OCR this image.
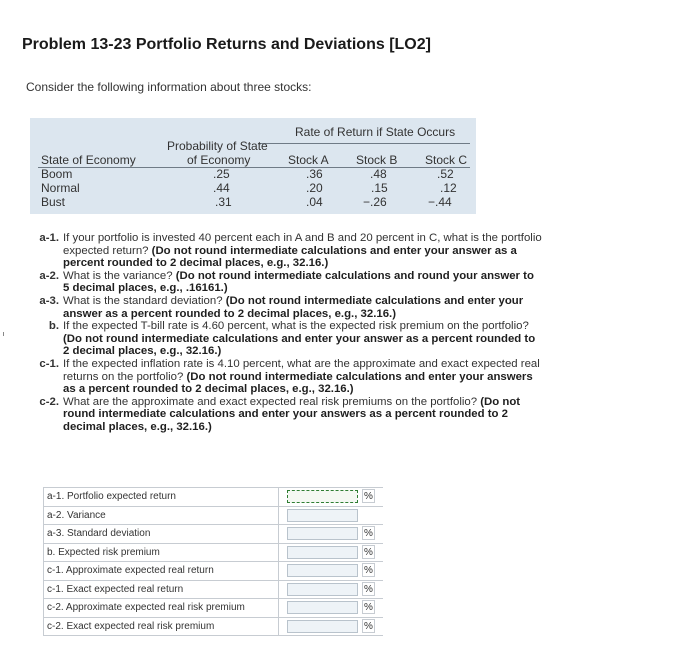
Problem 13-23 Portfolio Returns and Deviations [LO2]
Consider the following information about three stocks:
Rate of Return if State Occurs
Probability of State
of Economy
State of Economy	Stock A Stock B Stock C
Boom	.25	.36	.48	.52
Normal	.44	.20	.15	.12
Bust	.31	.04	−.26	−.44
a-1. If your portfolio is invested 40 percent each in A and B and 20 percent in C, what is the portfolio expected return? (Do not round intermediate calculations and enter your answer as a percent rounded to 2 decimal places, e.g., 32.16.)
a-2. What is the variance? (Do not round intermediate calculations and round your answer to 5 decimal places, e.g., .16161.)
a-3. What is the standard deviation? (Do not round intermediate calculations and enter your answer as a percent rounded to 2 decimal places, e.g., 32.16.)
b. If the expected T-bill rate is 4.60 percent, what is the expected risk premium on the portfolio? (Do not round intermediate calculations and enter your answer as a percent rounded to 2 decimal places, e.g., 32.16.)
c-1. If the expected inflation rate is 4.10 percent, what are the approximate and exact expected real returns on the portfolio? (Do not round intermediate calculations and enter your answers as a percent rounded to 2 decimal places, e.g., 32.16.)
c-2. What are the approximate and exact expected real risk premiums on the portfolio? (Do not round intermediate calculations and enter your answers as a percent rounded to 2 decimal places, e.g., 32.16.)
a-1. Portfolio expected return	%
a-2. Variance
a-3. Standard deviation	%
b. Expected risk premium	%
c-1. Approximate expected real return	%
c-1. Exact expected real return	%
c-2. Approximate expected real risk premium	%
c-2. Exact expected real risk premium	%
